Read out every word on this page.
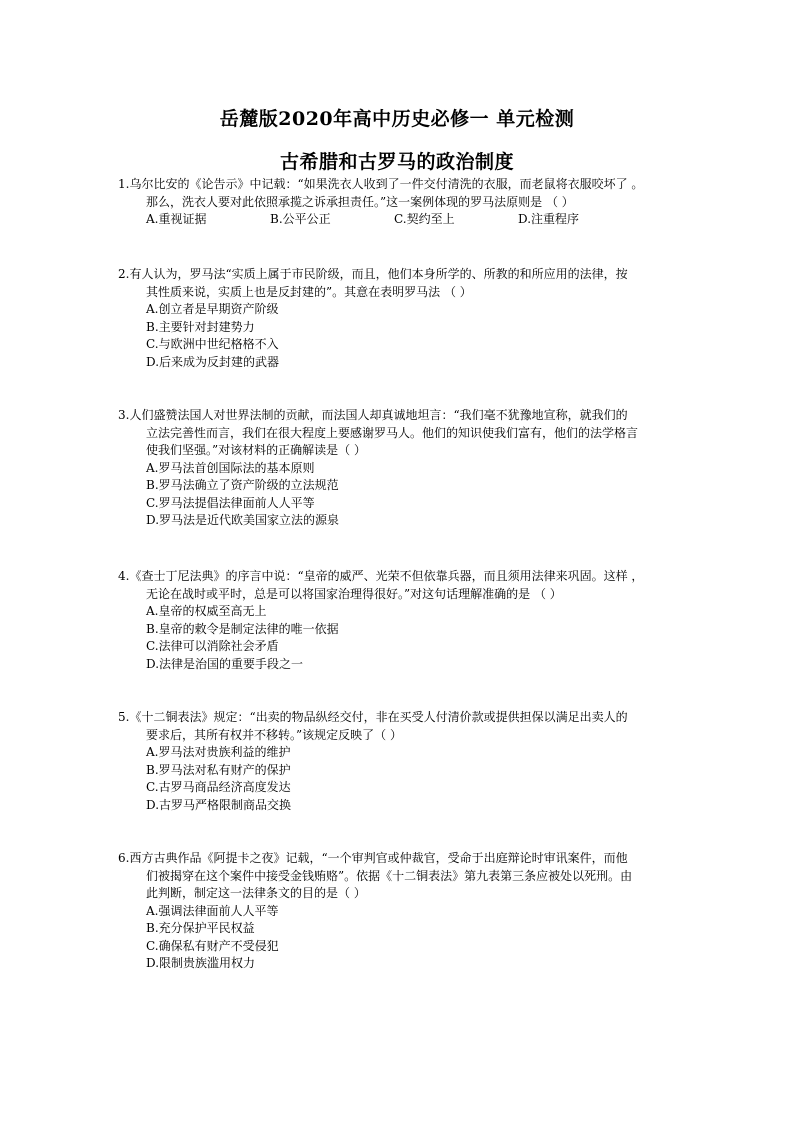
岳麓版2020年高中历史必修一 单元检测
古希腊和古罗马的政治制度
1.乌尔比安的《论告示》中记载：“如果洗衣人收到了一件交付清洗的衣服，而老鼠将衣服咬坏了 。
那么，洗衣人要对此依照承揽之诉承担责任。”这一案例体现的罗马法原则是 （ ）
A.重视证据	B.公平公正	C.契约至上	D.注重程序
2.有人认为，罗马法“实质上属于市民阶级，而且，他们本身所学的、所教的和所应用的法律，按
其性质来说，实质上也是反封建的”。其意在表明罗马法 （ ）
A.创立者是早期资产阶级
B.主要针对封建势力
C.与欧洲中世纪格格不入
D.后来成为反封建的武器
3.人们盛赞法国人对世界法制的贡献，而法国人却真诚地坦言：“我们毫不犹豫地宣称，就我们的
立法完善性而言，我们在很大程度上要感谢罗马人。他们的知识使我们富有，他们的法学格言
使我们坚强。”对该材料的正确解读是（ ）
A.罗马法首创国际法的基本原则
B.罗马法确立了资产阶级的立法规范
C.罗马法提倡法律面前人人平等
D.罗马法是近代欧美国家立法的源泉
4.《查士丁尼法典》的序言中说：“皇帝的威严、光荣不但依靠兵器，而且须用法律来巩固。这样 ，
无论在战时或平时，总是可以将国家治理得很好。”对这句话理解准确的是 （ ）
A.皇帝的权威至高无上
B.皇帝的敕令是制定法律的唯一依据
C.法律可以消除社会矛盾
D.法律是治国的重要手段之一
5.《十二铜表法》规定：“出卖的物品纵经交付，非在买受人付清价款或提供担保以满足出卖人的
要求后，其所有权并不移转。”该规定反映了（ ）
A.罗马法对贵族利益的维护
B.罗马法对私有财产的保护
C.古罗马商品经济高度发达
D.古罗马严格限制商品交换
6.西方古典作品《阿提卡之夜》记载，“一个审判官或仲裁官，受命于出庭辩论时审讯案件，而他
们被揭穿在这个案件中接受金钱贿赂”。依据《十二铜表法》第九表第三条应被处以死刑。由
此判断，制定这一法律条文的目的是（ ）
A.强调法律面前人人平等
B.充分保护平民权益
C.确保私有财产不受侵犯
D.限制贵族滥用权力
